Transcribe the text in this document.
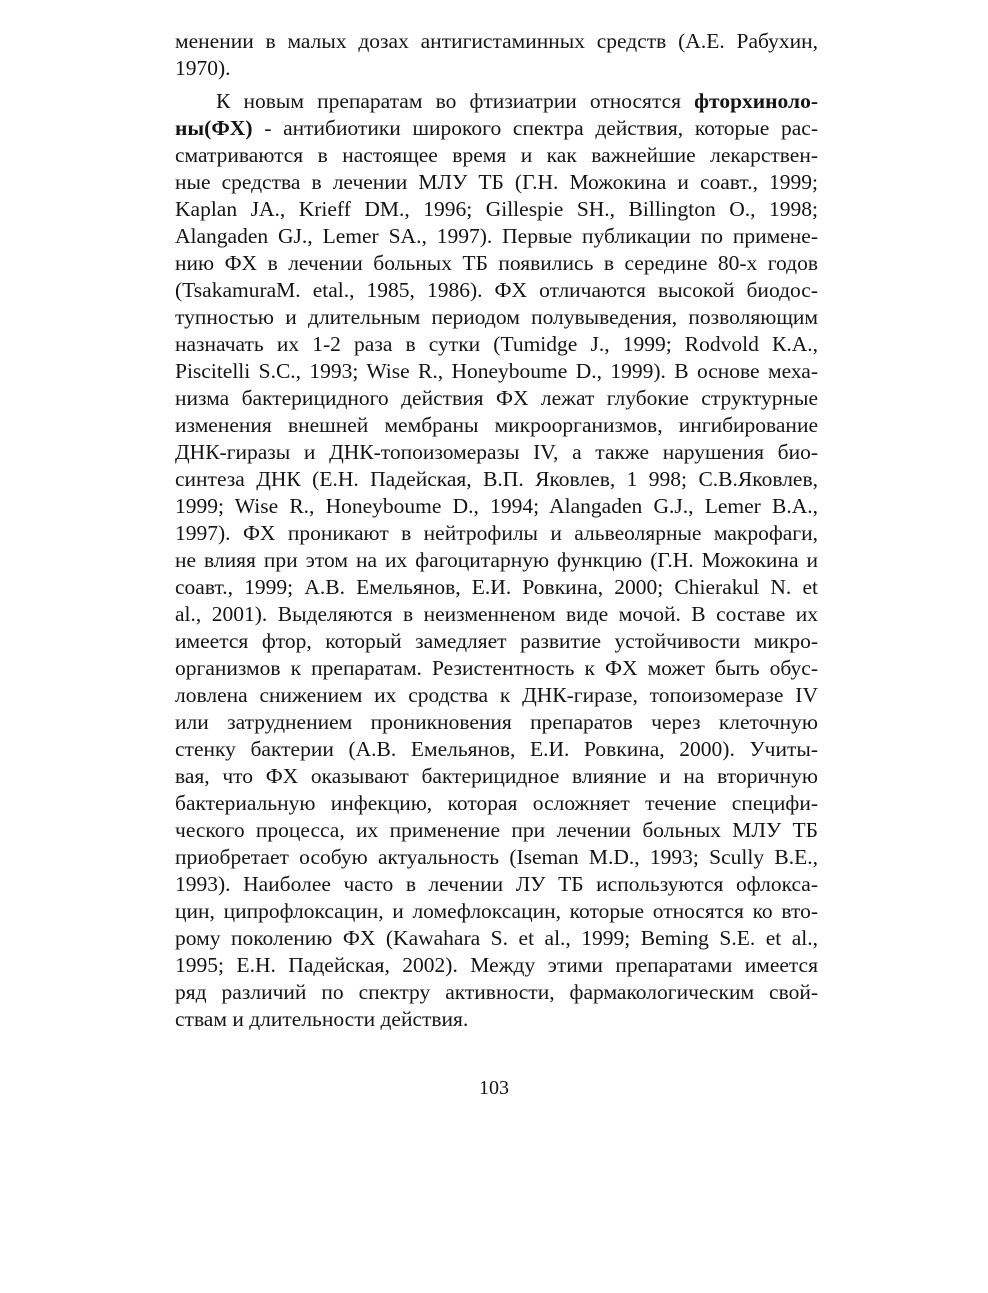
менении в малых дозах антигистаминных средств (А.Е. Рабухин,
1970).
К новым препаратам во фтизиатрии относятся фторхиноло-
ны(ФХ) - антибиотики широкого спектра действия, которые рас-
сматриваются в настоящее время и как важнейшие лекарствен-
ные средства в лечении МЛУ ТБ (Г.Н. Можокина и соавт., 1999;
Kaplan JA., Krieff DM., 1996; Gillespie SH., Billington O., 1998;
Alangaden GJ., Lemer SA., 1997). Первые публикации по примене-
нию ФХ в лечении больных ТБ появились в середине 80-х годов
(TsakamuraM. etal., 1985, 1986). ФХ отличаются высокой биодос-
тупностью и длительным периодом полувыведения, позволяющим
назначать их 1-2 раза в сутки (Tumidge J., 1999; Rodvold К.А.,
Piscitelli S.C., 1993; Wise R., Honeyboume D., 1999). В основе меха-
низма бактерицидного действия ФХ лежат глубокие структурные
изменения внешней мембраны микроорганизмов, ингибирование
ДНК-гиразы и ДНК-топоизомеразы IV, а также нарушения био-
синтеза ДНК (Е.Н. Падейская, В.П. Яковлев, 1 998; С.В.Яковлев,
1999; Wise R., Honeyboume D., 1994; Alangaden G.J., Lemer B.A.,
1997). ФХ проникают в нейтрофилы и альвеолярные макрофаги,
не влияя при этом на их фагоцитарную функцию (Г.Н. Можокина и
соавт., 1999; А.В. Емельянов, Е.И. Ровкина, 2000; Chierakul N. et
al., 2001). Выделяются в неизменненом виде мочой. В составе их
имеется фтор, который замедляет развитие устойчивости микро-
организмов к препаратам. Резистентность к ФХ может быть обус-
ловлена снижением их сродства к ДНК-гиразе, топоизомеразе IV
или затруднением проникновения препаратов через клеточную
стенку бактерии (А.В. Емельянов, Е.И. Ровкина, 2000). Учиты-
вая, что ФХ оказывают бактерицидное влияние и на вторичную
бактериальную инфекцию, которая осложняет течение специфи-
ческого процесса, их применение при лечении больных МЛУ ТБ
приобретает особую актуальность (Iseman M.D., 1993; Scully B.E.,
1993). Наиболее часто в лечении ЛУ ТБ используются офлокса-
цин, ципрофлоксацин, и ломефлоксацин, которые относятся ко вто-
рому поколению ФХ (Kawahara S. et al., 1999; Beming S.E. et al.,
1995; Е.Н. Падейская, 2002). Между этими препаратами имеется
ряд различий по спектру активности, фармакологическим свой-
ствам и длительности действия.
103
